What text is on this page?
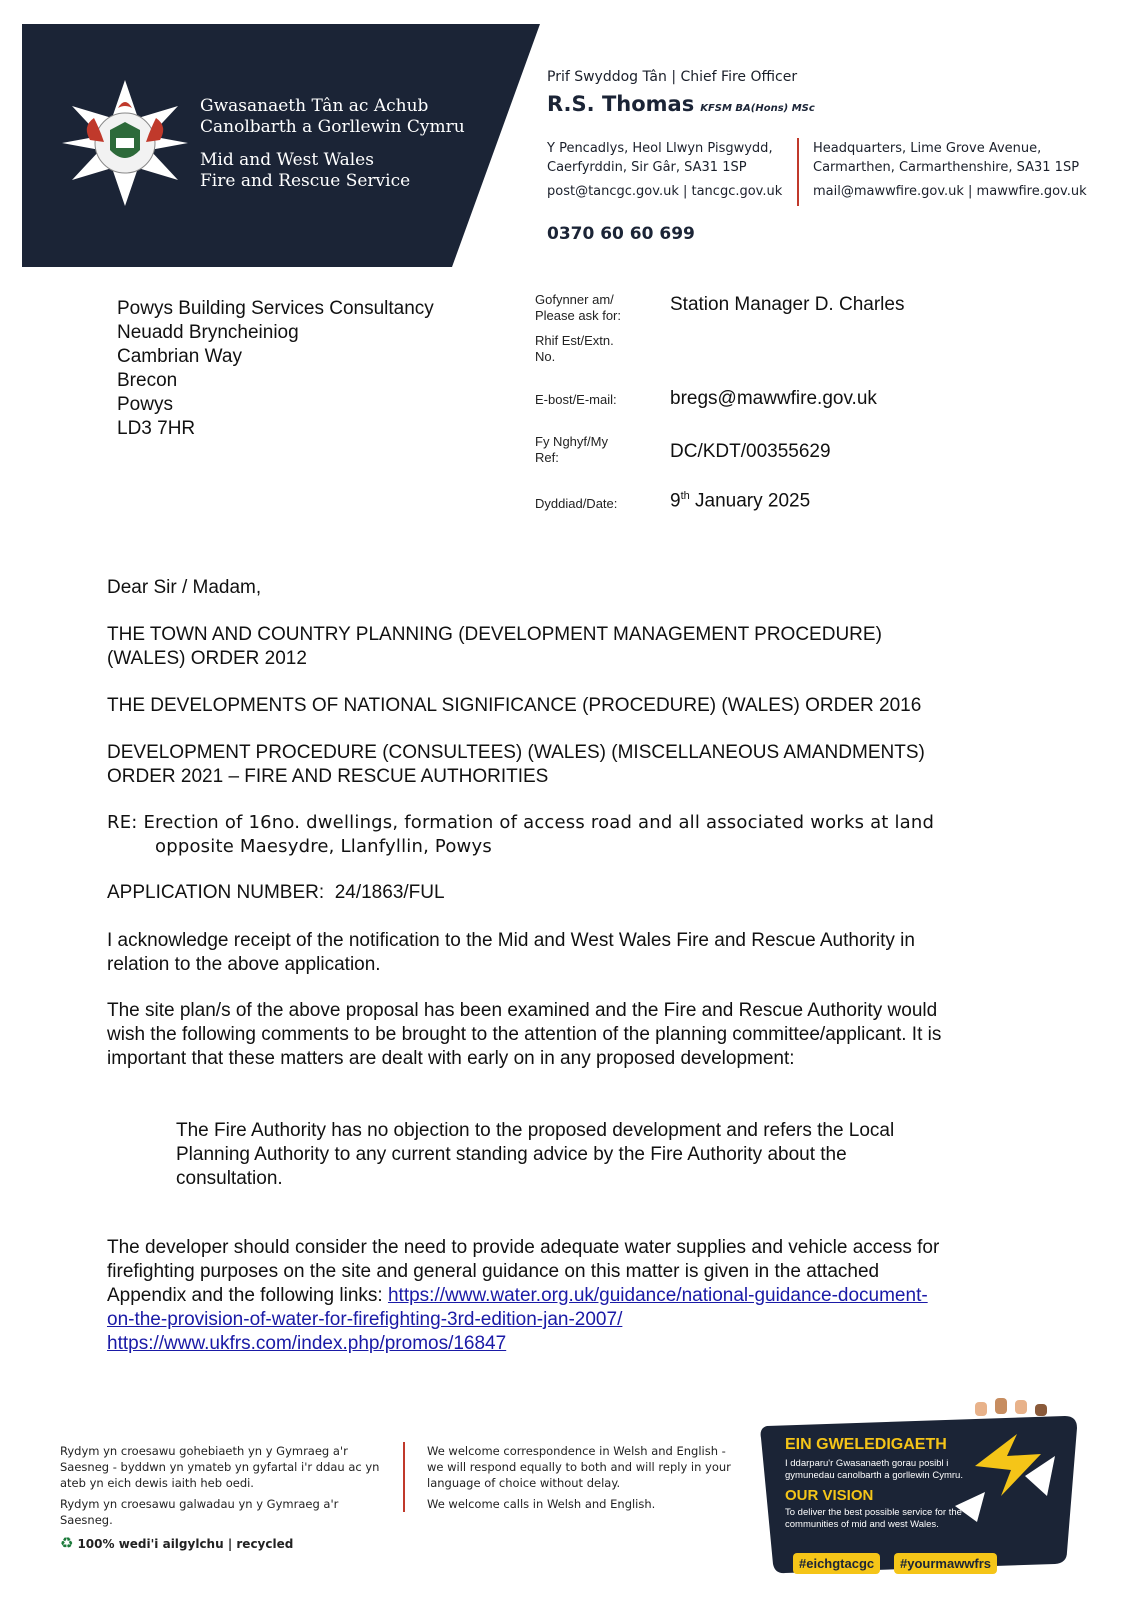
Gwasanaeth Tân ac Achub
Canolbarth a Gorllewin Cymru
Mid and West Wales
Fire and Rescue Service
Prif Swyddog Tân | Chief Fire Officer
R.S. Thomas KFSM BA(Hons) MSc
Y Pencadlys, Heol Llwyn Pisgwydd,
Caerfyrddin, Sir Gâr, SA31 1SP
Headquarters, Lime Grove Avenue,
Carmarthen, Carmarthenshire, SA31 1SP
post@tancgc.gov.uk | tancgc.gov.uk mail@mawwfire.gov.uk | mawwfire.gov.uk
0370 60 60 699
Powys Building Services Consultancy
Neuadd Bryncheiniog
Cambrian Way
Brecon
Powys
LD3 7HR
Gofynner am/
Please ask for:
Station Manager D. Charles
Rhif Est/Extn.
No.
E-bost/E-mail:	bregs@mawwfire.gov.uk
Fy Nghyf/My
Ref:	DC/KDT/00355629
Dyddiad/Date:	9th January 2025
Dear Sir / Madam,
THE TOWN AND COUNTRY PLANNING (DEVELOPMENT MANAGEMENT PROCEDURE)
(WALES) ORDER 2012
THE DEVELOPMENTS OF NATIONAL SIGNIFICANCE (PROCEDURE) (WALES) ORDER 2016
DEVELOPMENT PROCEDURE (CONSULTEES) (WALES) (MISCELLANEOUS AMANDMENTS)
ORDER 2021 – FIRE AND RESCUE AUTHORITIES
RE: Erection of 16no. dwellings, formation of access road and all associated works at land
opposite Maesydre, Llanfyllin, Powys
APPLICATION NUMBER: 24/1863/FUL
I acknowledge receipt of the notification to the Mid and West Wales Fire and Rescue Authority in
relation to the above application.
The site plan/s of the above proposal has been examined and the Fire and Rescue Authority would
wish the following comments to be brought to the attention of the planning committee/applicant. It is
important that these matters are dealt with early on in any proposed development:
The Fire Authority has no objection to the proposed development and refers the Local
Planning Authority to any current standing advice by the Fire Authority about the
consultation.
The developer should consider the need to provide adequate water supplies and vehicle access for
firefighting purposes on the site and general guidance on this matter is given in the attached
Appendix and the following links: https://www.water.org.uk/guidance/national-guidance-document-
on-the-provision-of-water-for-firefighting-3rd-edition-jan-2007/
https://www.ukfrs.com/index.php/promos/16847
Rydym yn croesawu gohebiaeth yn y Gymraeg a'r Saesneg - byddwn yn ymateb yn gyfartal i'r ddau ac yn ateb yn eich dewis iaith heb oedi.
Rydym yn croesawu galwadau yn y Gymraeg a'r Saesneg.
We welcome correspondence in Welsh and English - we will respond equally to both and will reply in your language of choice without delay.
We welcome calls in Welsh and English.
♻ 100% wedi'i ailgylchu | recycled
EIN GWELEDIGAETH
I ddarparu'r Gwasanaeth gorau posibl i gymunedau canolbarth a gorllewin Cymru.
OUR VISION
To deliver the best possible service for the communities of mid and west Wales.
#eichgtacgc	#yourmawwfrs
